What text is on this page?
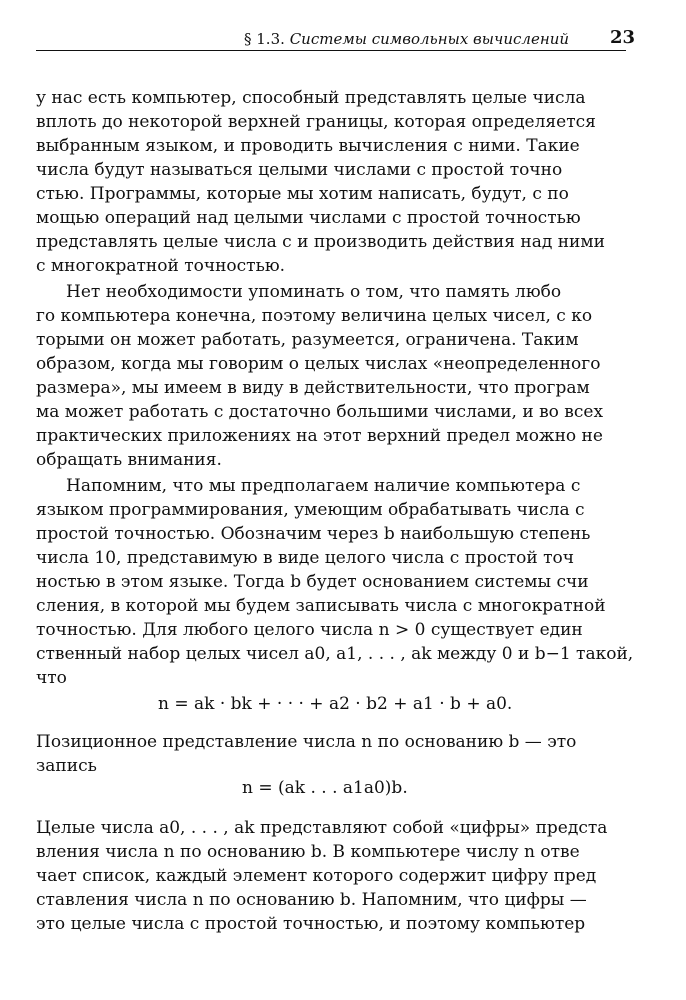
§ 1.3. Системы символьных вычислений 23
у нас есть компьютер, способный представлять целые числа
вплоть до некоторой верхней границы, которая определяется
выбранным языком, и проводить вычисления с ними. Такие
числа будут называться целыми числами с простой точно
стью. Программы, которые мы хотим написать, будут, с по
мощью операций над целыми числами с простой точностью
представлять целые числа с и производить действия над ними
с многократной точностью.
Нет необходимости упоминать о том, что память любо
го компьютера конечна, поэтому величина целых чисел, с ко
торыми он может работать, разумеется, ограничена. Таким
образом, когда мы говорим о целых числах «неопределенного
размера», мы имеем в виду в действительности, что програм
ма может работать с достаточно большими числами, и во всех
практических приложениях на этот верхний предел можно не
обращать внимания.
Напомним, что мы предполагаем наличие компьютера с
языком программирования, умеющим обрабатывать числа с
простой точностью. Обозначим через b наибольшую степень
числа 10, представимую в виде целого числа с простой точ
ностью в этом языке. Тогда b будет основанием системы счи
сления, в которой мы будем записывать числа с многократной
точностью. Для любого целого числа n > 0 существует един
ственный набор целых чисел a0, a1, . . . , ak между 0 и b−1 такой,
что
n = ak · bk + · · · + a2 · b2 + a1 · b + a0.
Позиционное представление числа n по основанию b — это
запись
n = (ak . . . a1a0)b.
Целые числа a0, . . . , ak представляют собой «цифры» предста
вления числа n по основанию b. В компьютере числу n отве
чает список, каждый элемент которого содержит цифру пред
ставления числа n по основанию b. Напомним, что цифры —
это целые числа с простой точностью, и поэтому компьютер
